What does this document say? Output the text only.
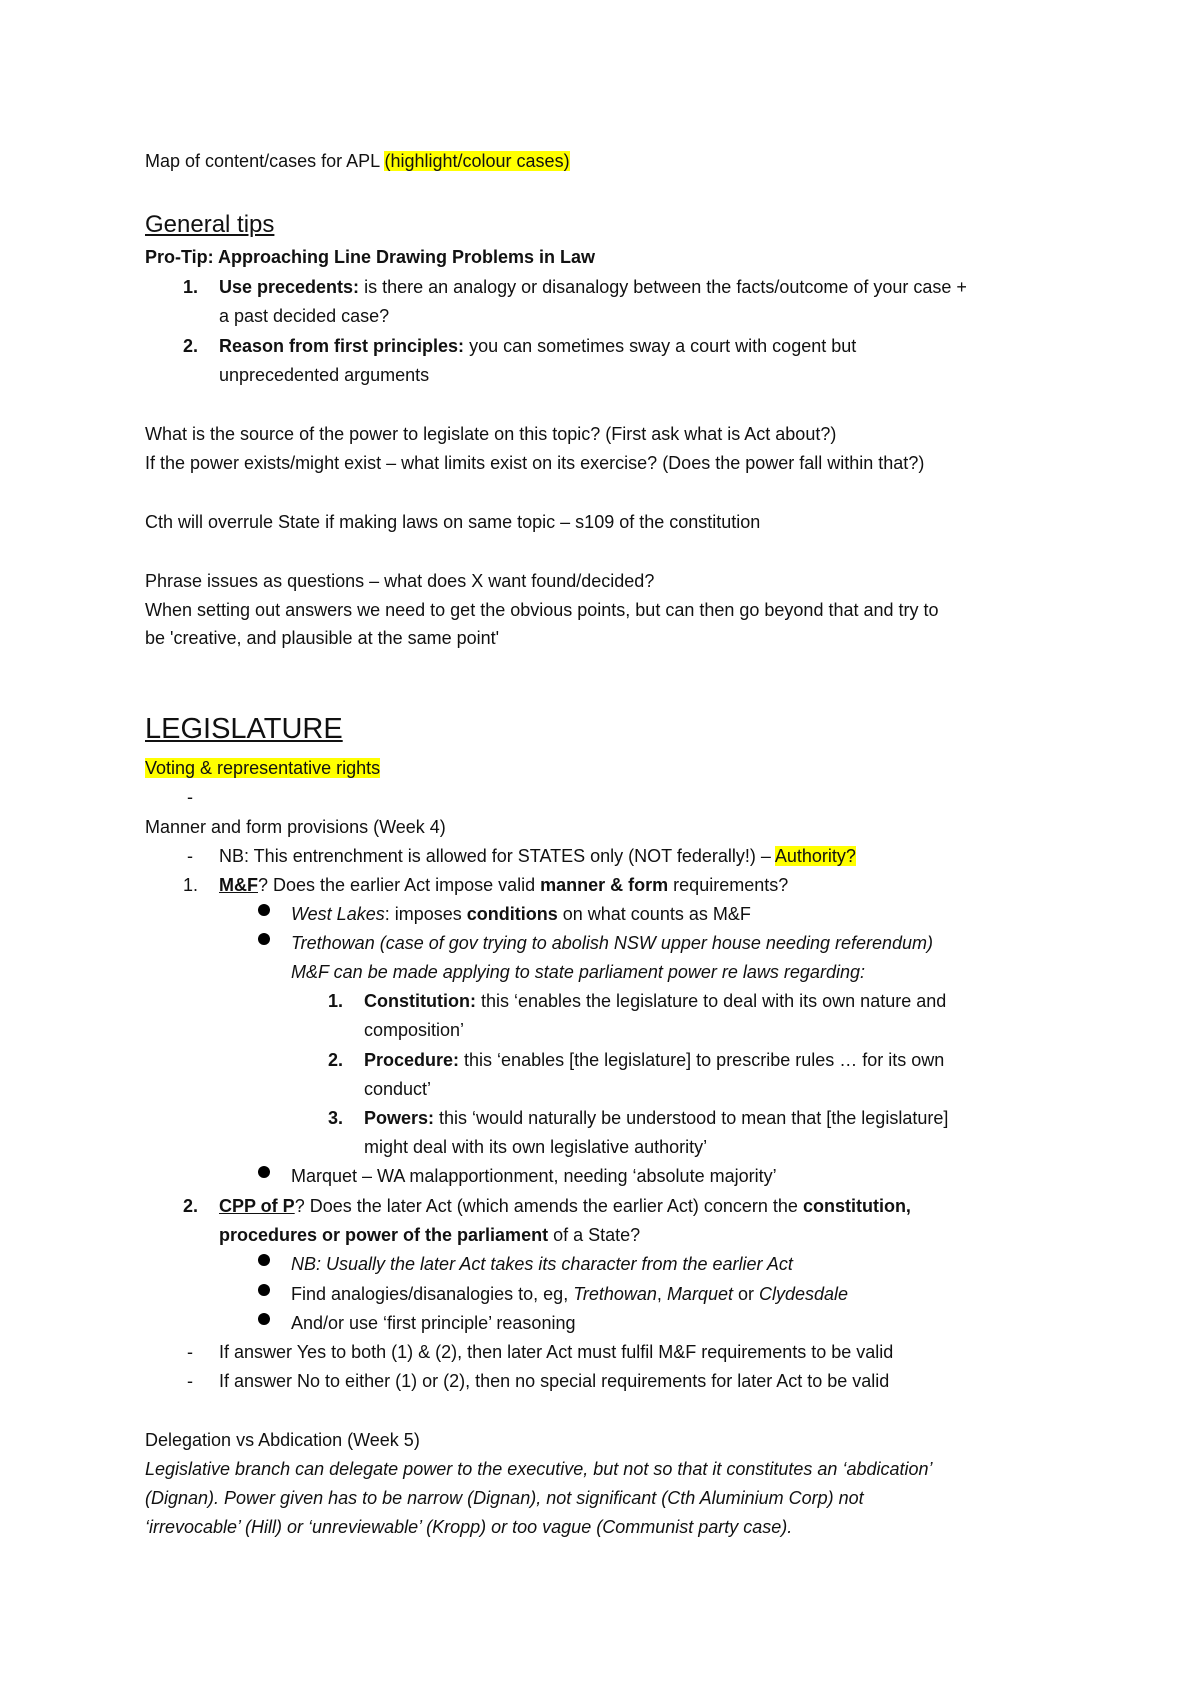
Map of content/cases for APL (highlight/colour cases)
General tips
Pro-Tip: Approaching Line Drawing Problems in Law
1. Use precedents: is there an analogy or disanalogy between the facts/outcome of your case +
a past decided case?
2. Reason from first principles: you can sometimes sway a court with cogent but
unprecedented arguments
What is the source of the power to legislate on this topic? (First ask what is Act about?)
If the power exists/might exist – what limits exist on its exercise? (Does the power fall within that?)
Cth will overrule State if making laws on same topic – s109 of the constitution
Phrase issues as questions – what does X want found/decided?
When setting out answers we need to get the obvious points, but can then go beyond that and try to
be 'creative, and plausible at the same point'
LEGISLATURE
Voting & representative rights
-
Manner and form provisions (Week 4)
- NB: This entrenchment is allowed for STATES only (NOT federally!) – Authority?
1. M&F? Does the earlier Act impose valid manner & form requirements?
West Lakes: imposes conditions on what counts as M&F
Trethowan (case of gov trying to abolish NSW upper house needing referendum)
M&F can be made applying to state parliament power re laws regarding:
1. Constitution: this ‘enables the legislature to deal with its own nature and
composition’
2. Procedure: this ‘enables [the legislature] to prescribe rules … for its own
conduct’
3. Powers: this ‘would naturally be understood to mean that [the legislature]
might deal with its own legislative authority’
Marquet – WA malapportionment, needing ‘absolute majority’
2. CPP of P? Does the later Act (which amends the earlier Act) concern the constitution,
procedures or power of the parliament of a State?
NB: Usually the later Act takes its character from the earlier Act
Find analogies/disanalogies to, eg, Trethowan, Marquet or Clydesdale
And/or use ‘first principle’ reasoning
- If answer Yes to both (1) & (2), then later Act must fulfil M&F requirements to be valid
- If answer No to either (1) or (2), then no special requirements for later Act to be valid
Delegation vs Abdication (Week 5)
Legislative branch can delegate power to the executive, but not so that it constitutes an ‘abdication’
(Dignan). Power given has to be narrow (Dignan), not significant (Cth Aluminium Corp) not
‘irrevocable’ (Hill) or ‘unreviewable’ (Kropp) or too vague (Communist party case).
